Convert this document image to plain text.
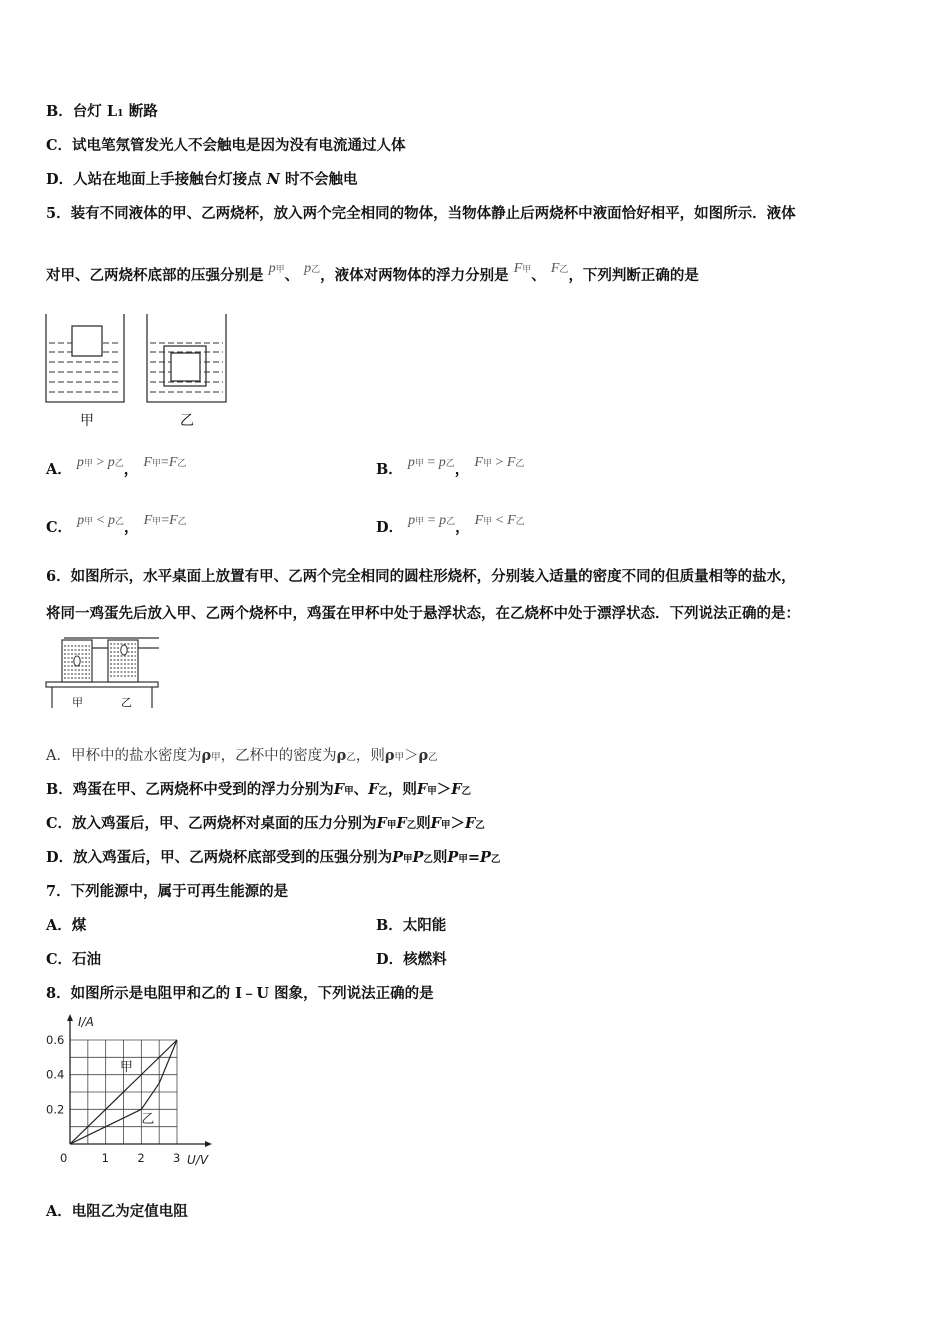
B．台灯 L1 断路
C．试电笔氖管发光人不会触电是因为没有电流通过人体
D．人站在地面上手接触台灯接点 N 时不会触电
5．装有不同液体的甲、乙两烧杯，放入两个完全相同的物体，当物体静止后两烧杯中液面恰好相平，如图所示．液体
对甲、乙两烧杯底部的压强分别是 p甲、 p乙，液体对两物体的浮力分别是 F甲、 F乙，下列判断正确的是
甲	乙
A． p甲 > p乙， F甲=F乙	B． p甲 = p乙， F甲 > F乙
C． p甲 < p乙， F甲=F乙	D． p甲 = p乙， F甲 < F乙
6．如图所示，水平桌面上放置有甲、乙两个完全相同的圆柱形烧杯，分别装入适量的密度不同的但质量相等的盐水，
将同一鸡蛋先后放入甲、乙两个烧杯中，鸡蛋在甲杯中处于悬浮状态，在乙烧杯中处于漂浮状态．下列说法正确的是：
甲	乙
A．甲杯中的盐水密度为ρ甲，乙杯中的密度为ρ乙，则ρ甲＞ρ乙
B．鸡蛋在甲、乙两烧杯中受到的浮力分别为F甲、F乙，则F甲＞F乙
C．放入鸡蛋后，甲、乙两烧杯对桌面的压力分别为F甲F乙则F甲＞F乙
D．放入鸡蛋后，甲、乙两烧杯底部受到的压强分别为P甲P乙则P甲=P乙
7．下列能源中，属于可再生能源的是
A．煤	B．太阳能
C．石油	D．核燃料
8．如图所示是电阻甲和乙的 I﹣U 图象，下列说法正确的是
甲
乙
0	1 2 3
0.2
0.4
0.6
U/V
I/A
A．电阻乙为定值电阻
